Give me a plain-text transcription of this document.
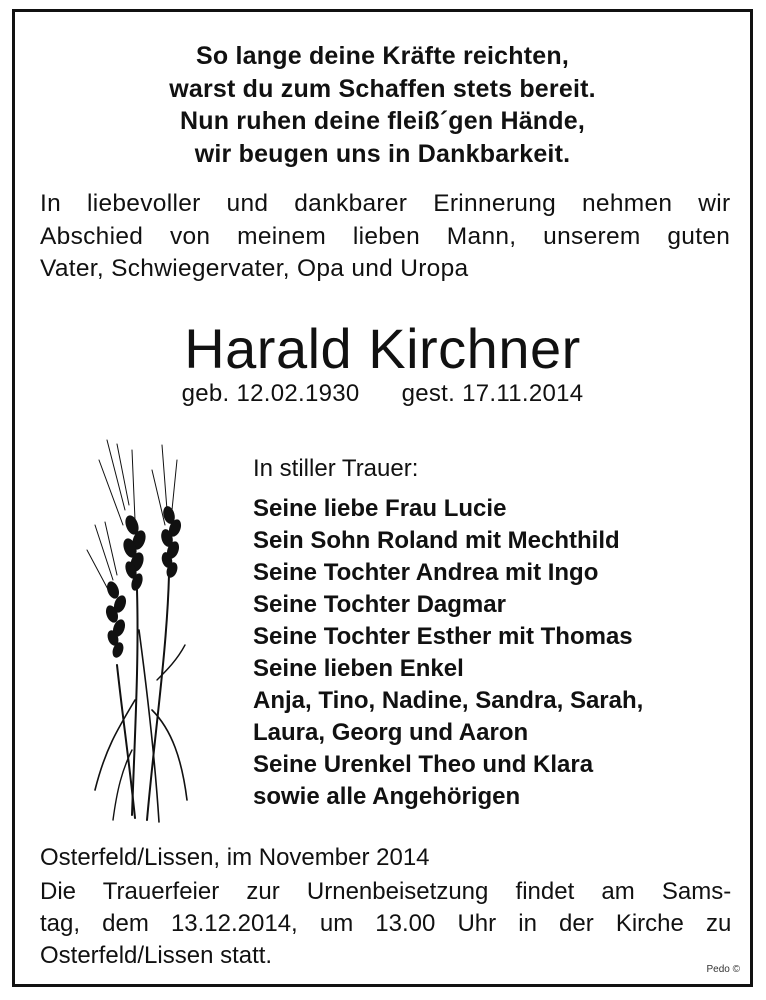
So lange deine Kräfte reichten,
warst du zum Schaffen stets bereit.
Nun ruhen deine fleiß´gen Hände,
wir beugen uns in Dankbarkeit.
In liebevoller und dankbarer Erinnerung nehmen wir
Abschied von meinem lieben Mann, unserem guten
Vater, Schwiegervater, Opa und Uropa
Harald Kirchner
geb. 12.02.1930 gest. 17.11.2014
In stiller Trauer:
Seine liebe Frau Lucie
Sein Sohn Roland mit Mechthild
Seine Tochter Andrea mit Ingo
Seine Tochter Dagmar
Seine Tochter Esther mit Thomas
Seine lieben Enkel
Anja, Tino, Nadine, Sandra, Sarah,
Laura, Georg und Aaron
Seine Urenkel Theo und Klara
sowie alle Angehörigen
Osterfeld/Lissen, im November 2014
Die Trauerfeier zur Urnenbeisetzung findet am Sams-
tag, dem 13.12.2014, um 13.00 Uhr in der Kirche zu
Osterfeld/Lissen statt.
Pedo ©
